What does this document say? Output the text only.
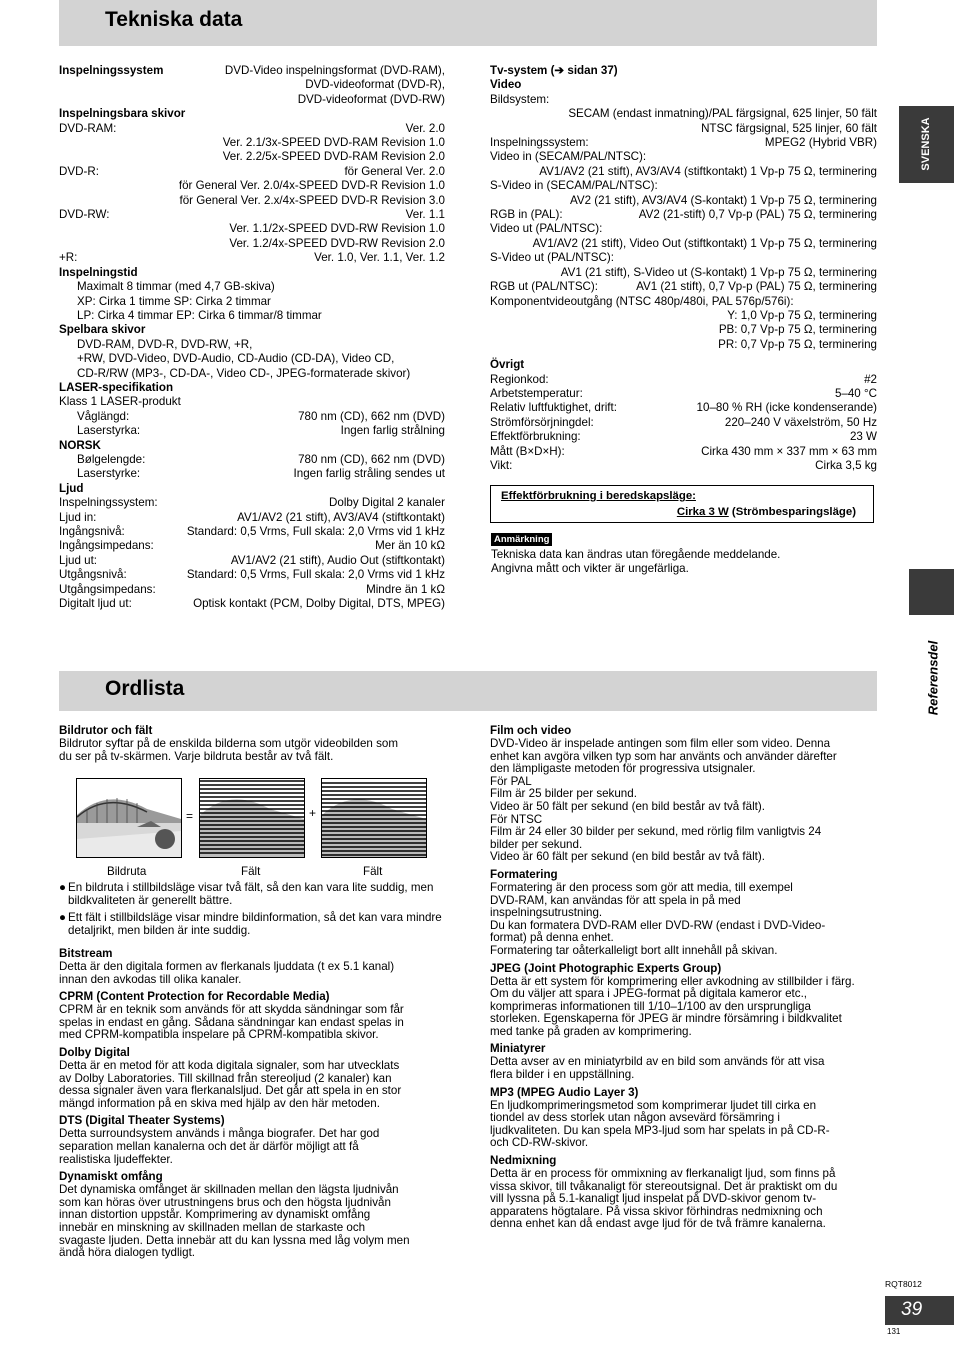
Tekniska data
SVENSKA
Referensdel
Inspelningssystem	DVD-Video inspelningsformat (DVD-RAM),
DVD-videoformat (DVD-R),
DVD-videoformat (DVD-RW)
Inspelningsbara skivor
DVD-RAM:	Ver. 2.0
Ver. 2.1/3x-SPEED DVD-RAM Revision 1.0
Ver. 2.2/5x-SPEED DVD-RAM Revision 2.0
DVD-R:	för General Ver. 2.0
för General Ver. 2.0/4x-SPEED DVD-R Revision 1.0
för General Ver. 2.x/4x-SPEED DVD-R Revision 3.0
DVD-RW:	Ver. 1.1
Ver. 1.1/2x-SPEED DVD-RW Revision 1.0
Ver. 1.2/4x-SPEED DVD-RW Revision 2.0
+R:	Ver. 1.0, Ver. 1.1, Ver. 1.2
Inspelningstid
Maximalt 8 timmar (med 4,7 GB-skiva)
XP: Cirka 1 timme SP: Cirka 2 timmar
LP: Cirka 4 timmar EP: Cirka 6 timmar/8 timmar
Spelbara skivor
DVD-RAM, DVD-R, DVD-RW, +R,
+RW, DVD-Video, DVD-Audio, CD-Audio (CD-DA), Video CD,
CD-R/RW (MP3-, CD-DA-, Video CD-, JPEG-formaterade skivor)
LASER-specifikation
Klass 1 LASER-produkt
Våglängd:	780 nm (CD), 662 nm (DVD)
Laserstyrka:	Ingen farlig strålning
NORSK
Bølgelengde:	780 nm (CD), 662 nm (DVD)
Laserstyrke:	Ingen farlig stråling sendes ut
Ljud
Inspelningssystem:	Dolby Digital 2 kanaler
Ljud in:	AV1/AV2 (21 stift), AV3/AV4 (stiftkontakt)
Ingångsnivå:	Standard: 0,5 Vrms, Full skala: 2,0 Vrms vid 1 kHz
Ingångsimpedans:	Mer än 10 kΩ
Ljud ut:	AV1/AV2 (21 stift), Audio Out (stiftkontakt)
Utgångsnivå:	Standard: 0,5 Vrms, Full skala: 2,0 Vrms vid 1 kHz
Utgångsimpedans:	Mindre än 1 kΩ
Digitalt ljud ut:	Optisk kontakt (PCM, Dolby Digital, DTS, MPEG)
Tv-system (➔ sidan 37)
Video
Bildsystem:
SECAM (endast inmatning)/PAL färgsignal, 625 linjer, 50 fält
NTSC färgsignal, 525 linjer, 60 fält
Inspelningssystem:	MPEG2 (Hybrid VBR)
Video in (SECAM/PAL/NTSC):
AV1/AV2 (21 stift), AV3/AV4 (stiftkontakt) 1 Vp-p 75 Ω, terminering
S-Video in (SECAM/PAL/NTSC):
AV2 (21 stift), AV3/AV4 (S-kontakt) 1 Vp-p 75 Ω, terminering
RGB in (PAL):	AV2 (21-stift) 0,7 Vp-p (PAL) 75 Ω, terminering
Video ut (PAL/NTSC):
AV1/AV2 (21 stift), Video Out (stiftkontakt) 1 Vp-p 75 Ω, terminering
S-Video ut (PAL/NTSC):
AV1 (21 stift), S-Video ut (S-kontakt) 1 Vp-p 75 Ω, terminering
RGB ut (PAL/NTSC):	AV1 (21 stift), 0,7 Vp-p (PAL) 75 Ω, terminering
Komponentvideoutgång (NTSC 480p/480i, PAL 576p/576i):
Y: 1,0 Vp-p 75 Ω, terminering
PB: 0,7 Vp-p 75 Ω, terminering
PR: 0,7 Vp-p 75 Ω, terminering
Övrigt
Regionkod:	#2
Arbetstemperatur:	5–40 °C
Relativ luftfuktighet, drift:	10–80 % RH (icke kondenserande)
Strömförsörjningdel:	220–240 V växelström, 50 Hz
Effektförbrukning:	23 W
Mått (B×D×H):	Cirka 430 mm × 337 mm × 63 mm
Vikt:	Cirka 3,5 kg
Effektförbrukning i beredskapsläge:
Cirka 3 W (Strömbesparingsläge)
Anmärkning
Tekniska data kan ändras utan föregående meddelande.
Angivna mått och vikter är ungefärliga.
Ordlista
Bildrutor och fält
Bildrutor syftar på de enskilda bilderna som utgör videobilden som
du ser på tv-skärmen. Varje bildruta består av två fält.
=	+
Bildruta	Fält	Fält
● En bildruta i stillbildsläge visar två fält, så den kan vara lite suddig, men bildkvaliteten är generellt bättre.
● Ett fält i stillbildsläge visar mindre bildinformation, så det kan vara mindre detaljrikt, men bilden är inte suddig.
Bitstream
Detta är den digitala formen av flerkanals ljuddata (t ex 5.1 kanal)
innan den avkodas till olika kanaler.
CPRM (Content Protection for Recordable Media)
CPRM är en teknik som används för att skydda sändningar som får
spelas in endast en gång. Sådana sändningar kan endast spelas in
med CPRM-kompatibla inspelare på CPRM-kompatibla skivor.
Dolby Digital
Detta är en metod för att koda digitala signaler, som har utvecklats
av Dolby Laboratories. Till skillnad från stereoljud (2 kanaler) kan
dessa signaler även vara flerkanalsljud. Det går att spela in en stor
mängd information på en skiva med hjälp av den här metoden.
DTS (Digital Theater Systems)
Detta surroundsystem används i många biografer. Det har god
separation mellan kanalerna och det är därför möjligt att få
realistiska ljudeffekter.
Dynamiskt omfång
Det dynamiska omfånget är skillnaden mellan den lägsta ljudnivån
som kan höras över utrustningens brus och den högsta ljudnivån
innan distortion uppstår. Komprimering av dynamiskt omfång
innebär en minskning av skillnaden mellan de starkaste och
svagaste ljuden. Detta innebär att du kan lyssna med låg volym men
ändå höra dialogen tydligt.
Film och video
DVD-Video är inspelade antingen som film eller som video. Denna
enhet kan avgöra vilken typ som har använts och använder därefter
den lämpligaste metoden för progressiva utsignaler.
För PAL
Film är 25 bilder per sekund.
Video är 50 fält per sekund (en bild består av två fält).
För NTSC
Film är 24 eller 30 bilder per sekund, med rörlig film vanligtvis 24
bilder per sekund.
Video är 60 fält per sekund (en bild består av två fält).
Formatering
Formatering är den process som gör att media, till exempel
DVD-RAM, kan användas för att spela in på med
inspelningsutrustning.
Du kan formatera DVD-RAM eller DVD-RW (endast i DVD-Video-
format) på denna enhet.
Formatering tar oåterkalleligt bort allt innehåll på skivan.
JPEG (Joint Photographic Experts Group)
Detta är ett system för komprimering eller avkodning av stillbilder i färg.
Om du väljer att spara i JPEG-format på digitala kameror etc.,
komprimeras informationen till 1/10–1/100 av den ursprungliga
storleken. Egenskaperna för JPEG är mindre försämring i bildkvalitet
med tanke på graden av komprimering.
Miniatyrer
Detta avser av en miniatyrbild av en bild som används för att visa
flera bilder i en uppställning.
MP3 (MPEG Audio Layer 3)
En ljudkomprimeringsmetod som komprimerar ljudet till cirka en
tiondel av dess storlek utan någon avsevärd försämring i
ljudkvaliteten. Du kan spela MP3-ljud som har spelats in på CD-R-
och CD-RW-skivor.
Nedmixning
Detta är en process för ommixning av flerkanaligt ljud, som finns på
vissa skivor, till tvåkanaligt för stereoutsignal. Det är praktiskt om du
vill lyssna på 5.1-kanaligt ljud inspelat på DVD-skivor genom tv-
apparatens högtalare. På vissa skivor förhindras nedmixning och
denna enhet kan då endast avge ljud för de två främre kanalerna.
RQT8012
39
131
